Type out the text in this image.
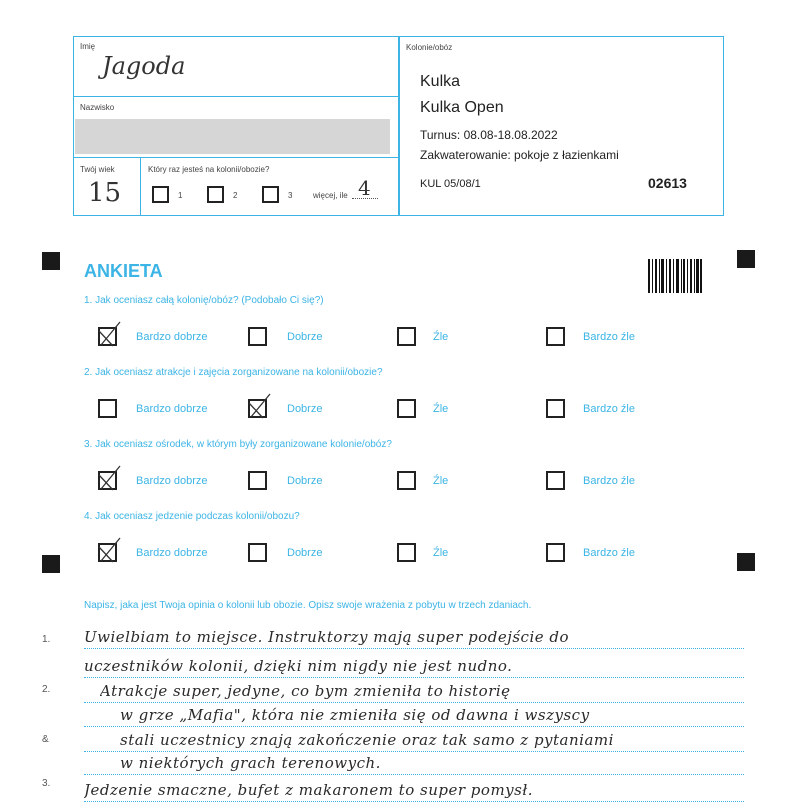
Imię
Jagoda
Nazwisko
Twój wiek
15
Który raz jesteś na kolonii/obozie?
1	2	3	więcej, ile 4
Kolonie/obóz
Kulka
Kulka Open
Turnus: 08.08-18.08.2022
Zakwaterowanie: pokoje z łazienkami
KUL 05/08/1	02613
ANKIETA
1. Jak oceniasz całą kolonię/obóz? (Podobało Ci się?)
Bardzo dobrze	Dobrze	Źle	Bardzo źle
2. Jak oceniasz atrakcje i zajęcia zorganizowane na kolonii/obozie?
Bardzo dobrze	Dobrze	Źle	Bardzo źle
3. Jak oceniasz ośrodek, w którym były zorganizowane kolonie/obóz?
Bardzo dobrze	Dobrze	Źle	Bardzo źle
4. Jak oceniasz jedzenie podczas kolonii/obozu?
Bardzo dobrze	Dobrze	Źle	Bardzo źle
Napisz, jaka jest Twoja opinia o kolonii lub obozie. Opisz swoje wrażenia z pobytu w trzech zdaniach.
1.
2.
&
3.
Uwielbiam to miejsce. Instruktorzy mają super podejście do
uczestników kolonii, dzięki nim nigdy nie jest nudno.
Atrakcje super, jedyne, co bym zmieniła to historię
w grze „Mafia", która nie zmieniła się od dawna i wszyscy
stali uczestnicy znają zakończenie oraz tak samo z pytaniami
w niektórych grach terenowych.
Jedzenie smaczne, bufet z makaronem to super pomysł.
